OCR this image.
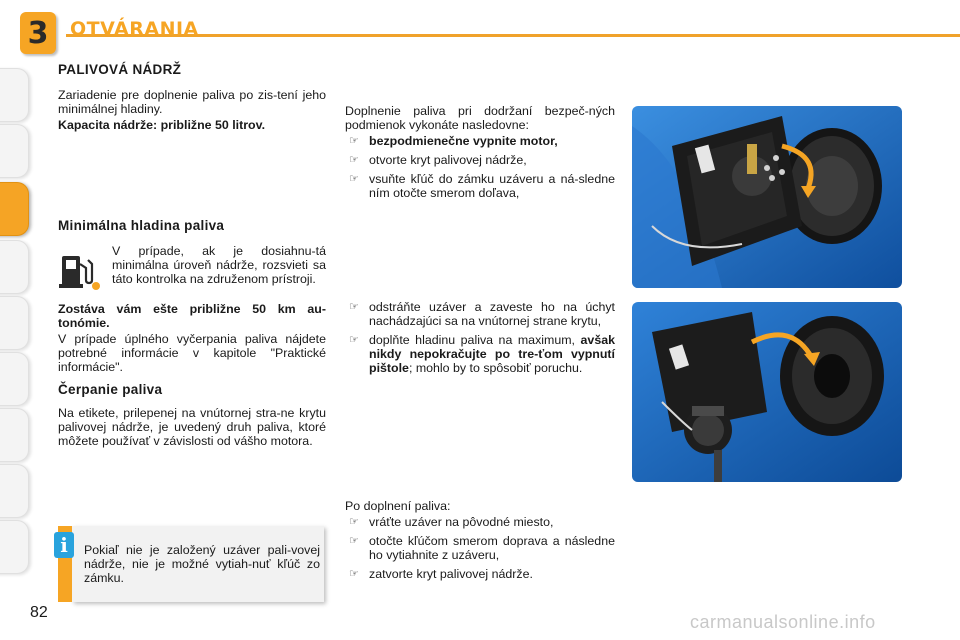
3 OTVÁRANIA
PALIVOVÁ NÁDRŽ
Zariadenie pre doplnenie paliva po zis-tení jeho minimálnej hladiny.
Kapacita nádrže: približne 50 litrov.
Minimálna hladina paliva
V prípade, ak je dosiahnu-tá minimálna úroveň nádrže, rozsvieti sa táto kontrolka na združenom prístroji.
Zostáva vám ešte približne 50 km au-tonómie.
V prípade úplného vyčerpania paliva nájdete potrebné informácie v kapitole "Praktické informácie".
Čerpanie paliva
Na etikete, prilepenej na vnútornej stra-ne krytu palivovej nádrže, je uvedený druh paliva, ktoré môžete používať v závislosti od vášho motora.
i	Pokiaľ nie je založený uzáver pali-vovej nádrže, nie je možné vytiah-nuť kľúč zo zámku.
Doplnenie paliva pri dodržaní bezpeč-ných podmienok vykonáte nasledovne:
☞ bezpodmienečne vypnite motor,
☞ otvorte kryt palivovej nádrže,
☞ vsuňte kľúč do zámku uzáveru a ná-sledne ním otočte smerom doľava,
☞ odstráňte uzáver a zaveste ho na úchyt nachádzajúci sa na vnútornej strane krytu,
☞ doplňte hladinu paliva na maximum, avšak nikdy nepokračujte po tre-ťom vypnutí pištole; mohlo by to spôsobiť poruchu.
Po doplnení paliva:
☞ vráťte uzáver na pôvodné miesto,
☞ otočte kľúčom smerom doprava a následne ho vytiahnite z uzáveru,
☞ zatvorte kryt palivovej nádrže.
82	carmanualsonline.info
